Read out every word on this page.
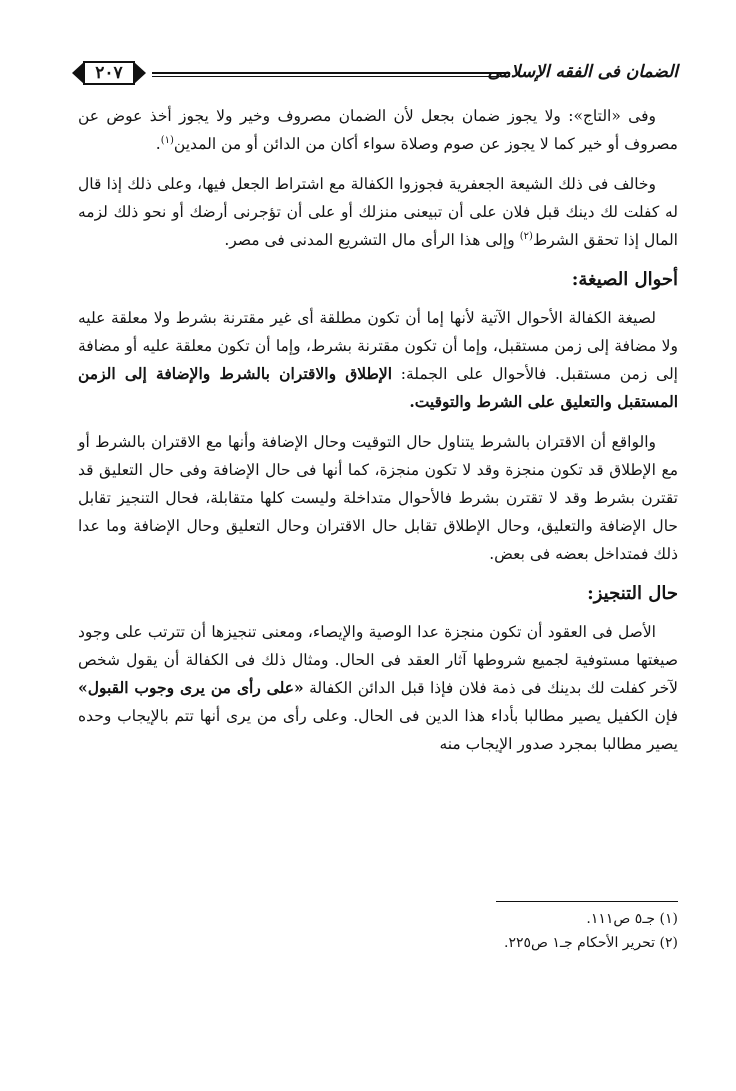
الضمان فى الفقه الإسلامى
٢٠٧

وفى «التاج»: ولا يجوز ضمان بجعل لأن الضمان مصروف وخير ولا يجوز أخذ عوض عن مصروف أو خير كما لا يجوز عن صوم وصلاة سواء أكان من الدائن أو من المدين$^{(١)}$.

وخالف فى ذلك الشيعة الجعفرية فجوزوا الكفالة مع اشتراط الجعل فيها، وعلى ذلك إذا قال له كفلت لك دينك قبل فلان على أن تبيعنى منزلك أو على أن تؤجرنى أرضك أو نحو ذلك لزمه المال إذا تحقق الشرط$^{(٢)}$ وإلى هذا الرأى مال التشريع المدنى فى مصر.

أحوال الصيغة:

لصيغة الكفالة الأحوال الآتية لأنها إما أن تكون مطلقة أى غير مقترنة بشرط ولا معلقة عليه ولا مضافة إلى زمن مستقبل، وإما أن تكون مقترنة بشرط، وإما أن تكون معلقة عليه أو مضافة إلى زمن مستقبل. فالأحوال على الجملة: الإطلاق والاقتران بالشرط والإضافة إلى الزمن المستقبل والتعليق على الشرط والتوقيت.

والواقع أن الاقتران بالشرط يتناول حال التوقيت وحال الإضافة وأنها مع الاقتران بالشرط أو مع الإطلاق قد تكون منجزة وقد لا تكون منجزة، كما أنها فى حال الإضافة وفى حال التعليق قد تقترن بشرط وقد لا تقترن بشرط فالأحوال متداخلة وليست كلها متقابلة، فحال التنجيز تقابل حال الإضافة والتعليق، وحال الإطلاق تقابل حال الاقتران وحال التعليق وحال الإضافة وما عدا ذلك فمتداخل بعضه فى بعض.

حال التنجيز:

الأصل فى العقود أن تكون منجزة عدا الوصية والإيصاء، ومعنى تنجيزها أن تترتب على وجود صيغتها مستوفية لجميع شروطها آثار العقد فى الحال. ومثال ذلك فى الكفالة أن يقول شخص لآخر كفلت لك بدينك فى ذمة فلان فإذا قبل الدائن الكفالة «على رأى من يرى وجوب القبول» فإن الكفيل يصير مطالبا بأداء هذا الدين فى الحال. وعلى رأى من يرى أنها تتم بالإيجاب وحده يصير مطالبا بمجرد صدور الإيجاب منه

(١) جـ٥ ص١١١.
(٢) تحرير الأحكام جـ١ ص٢٢٥.
